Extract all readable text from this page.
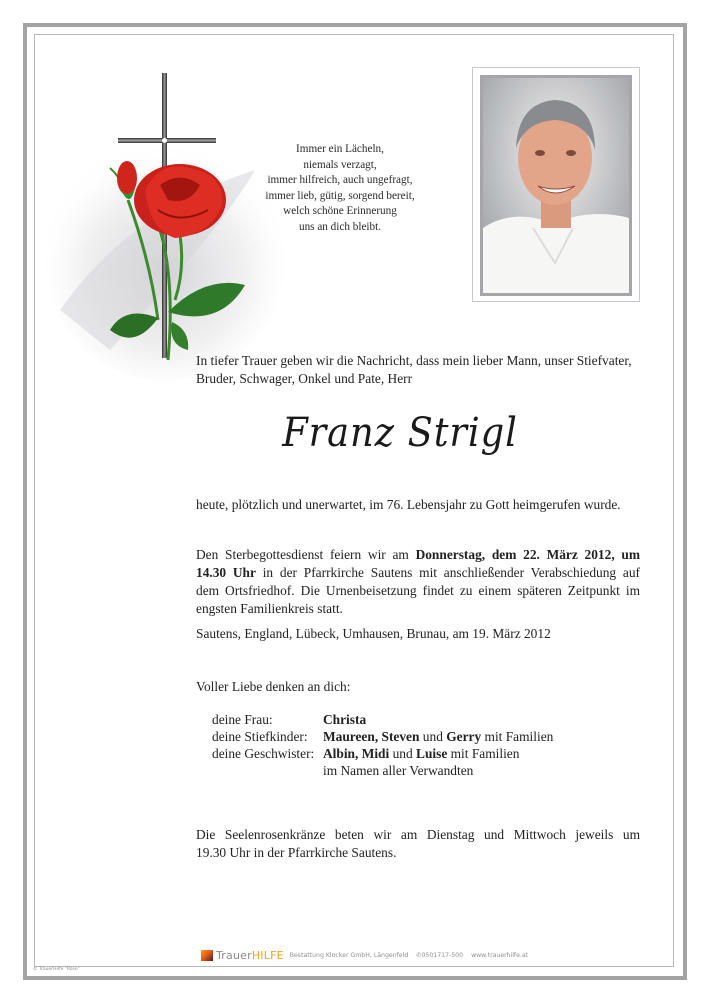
Immer ein Lächeln,
niemals verzagt,
immer hilfreich, auch ungefragt,
immer lieb, gütig, sorgend bereit,
welch schöne Erinnerung
uns an dich bleibt.
In tiefer Trauer geben wir die Nachricht, dass mein lieber Mann, unser Stiefvater,
Bruder, Schwager, Onkel und Pate, Herr
Franz Strigl
heute, plötzlich und unerwartet, im 76. Lebensjahr zu Gott heimgerufen wurde.
Den Sterbegottesdienst feiern wir am Donnerstag, dem 22. März 2012, um
14.30 Uhr in der Pfarrkirche Sautens mit anschließender Verabschiedung auf
dem Ortsfriedhof. Die Urnenbeisetzung findet zu einem späteren Zeitpunkt im
engsten Familienkreis statt.
Sautens, England, Lübeck, Umhausen, Brunau, am 19. März 2012
Voller Liebe denken an dich:
deine Frau:	Christa
deine Stiefkinder:	Maureen, Steven und Gerry mit Familien
deine Geschwister: Albin, Midi und Luise mit Familien
im Namen aller Verwandten
Die Seelenrosenkränze beten wir am Dienstag und Mittwoch jeweils um
19.30 Uhr in der Pfarrkirche Sautens.
Trauer HILFE Bestattung Klocker GmbH, Längenfeld ✆0501717-500 www.trauerhilfe.at
© TrauerHilfe "Rose"
